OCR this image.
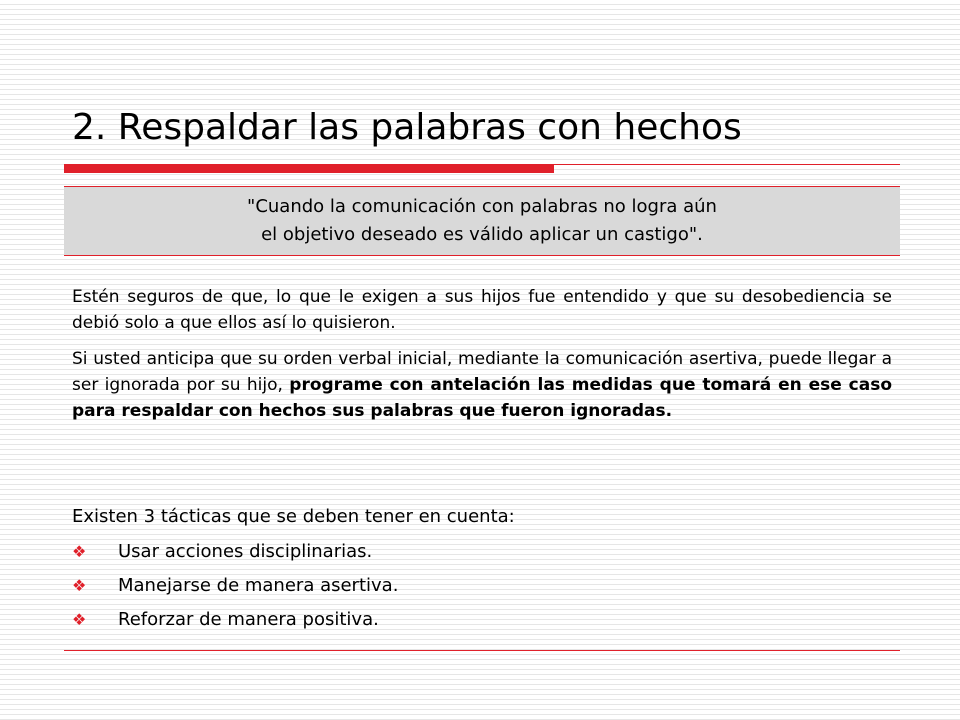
2. Respaldar las palabras con hechos
"Cuando la comunicación con palabras no logra aún
el objetivo deseado es válido aplicar un castigo".
Estén seguros de que, lo que le exigen a sus hijos fue entendido y que su desobediencia se debió solo a que ellos así lo quisieron.
Si usted anticipa que su orden verbal inicial, mediante la comunicación asertiva, puede llegar a ser ignorada por su hijo, programe con antelación las medidas que tomará en ese caso para respaldar con hechos sus palabras que fueron ignoradas.
Existen 3 tácticas que se deben tener en cuenta:
❖	Usar acciones disciplinarias.
❖	Manejarse de manera asertiva.
❖	Reforzar de manera positiva.
